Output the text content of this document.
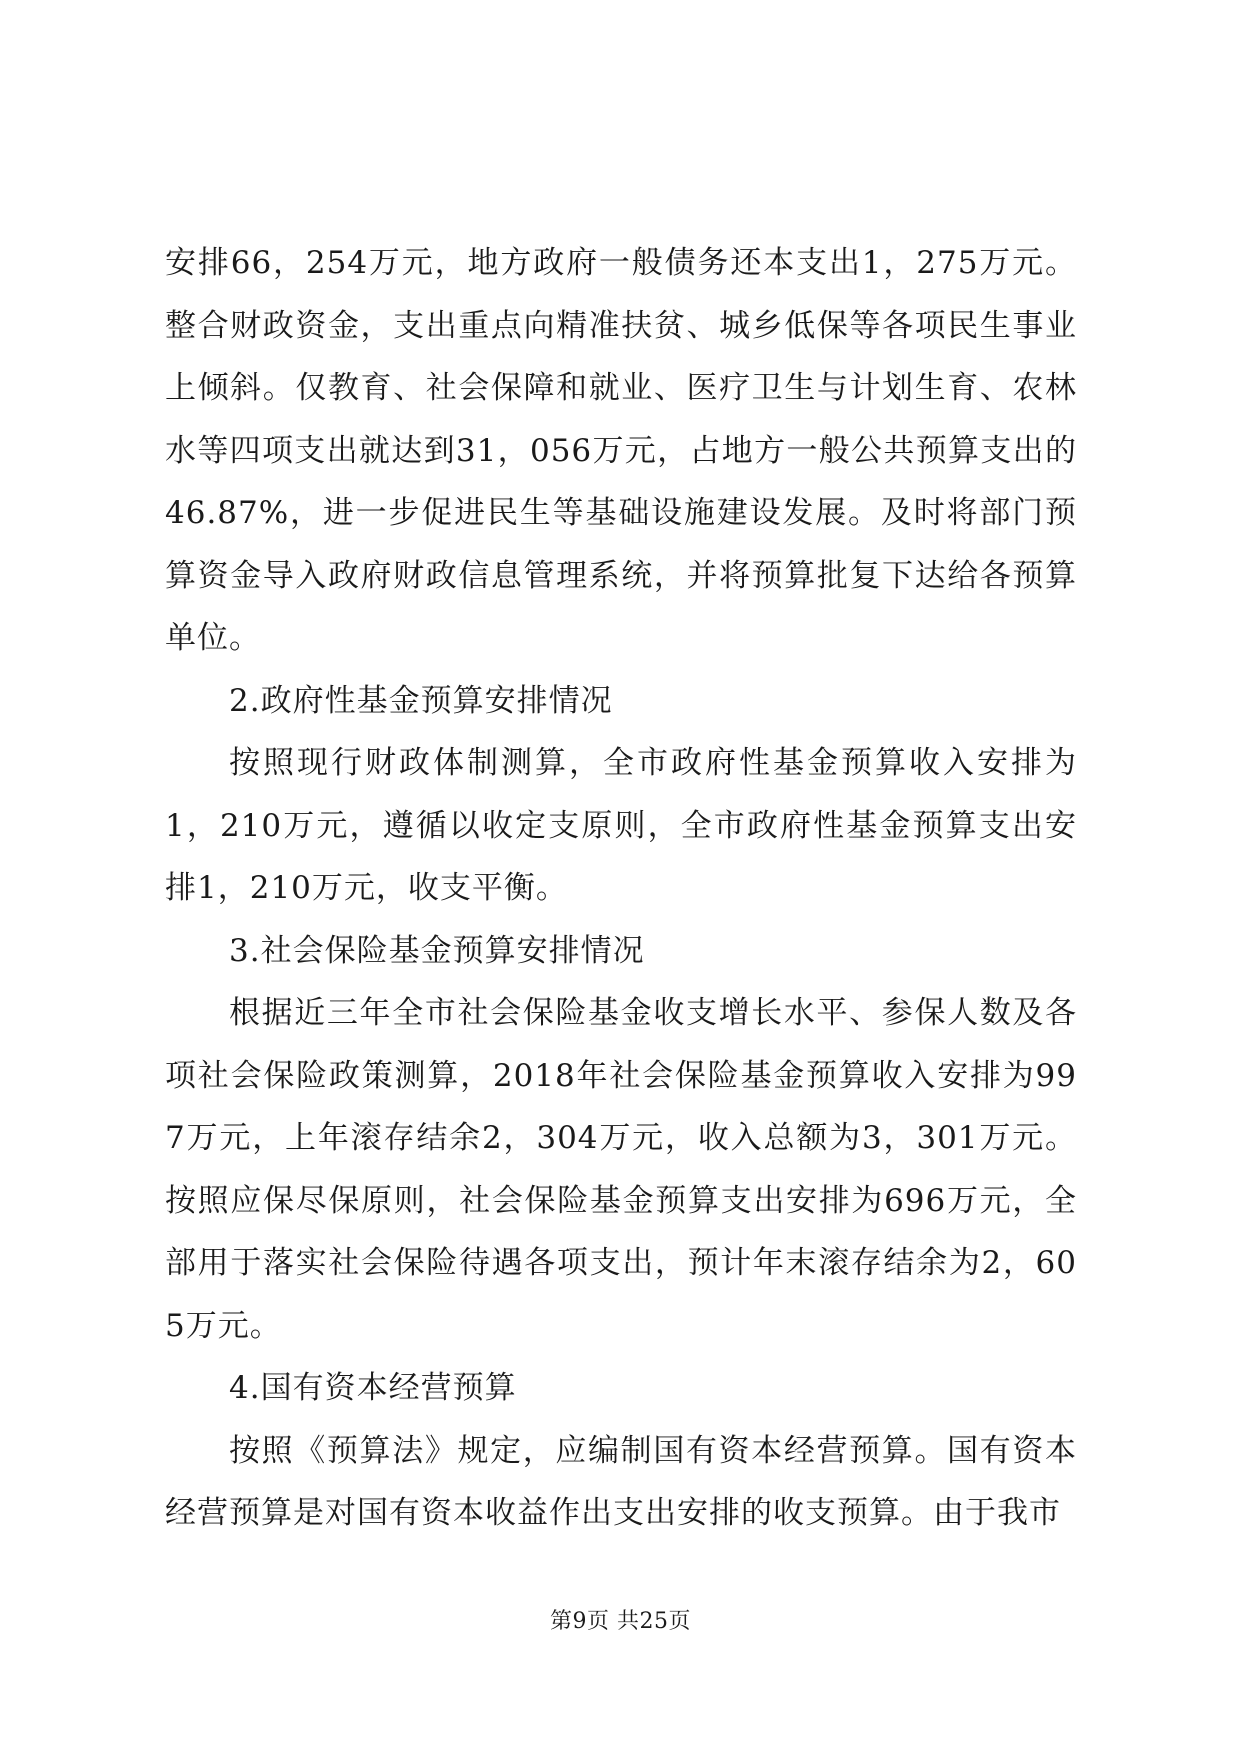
安排66，254万元，地方政府一般债务还本支出1，275万元。整合财政资金，支出重点向精准扶贫、城乡低保等各项民生事业上倾斜。仅教育、社会保障和就业、医疗卫生与计划生育、农林水等四项支出就达到31，056万元，占地方一般公共预算支出的46.87%，进一步促进民生等基础设施建设发展。及时将部门预算资金导入政府财政信息管理系统，并将预算批复下达给各预算单位。

2.政府性基金预算安排情况

按照现行财政体制测算，全市政府性基金预算收入安排为1，210万元，遵循以收定支原则，全市政府性基金预算支出安排1，210万元，收支平衡。

3.社会保险基金预算安排情况

根据近三年全市社会保险基金收支增长水平、参保人数及各项社会保险政策测算，2018年社会保险基金预算收入安排为997万元，上年滚存结余2，304万元，收入总额为3，301万元。按照应保尽保原则，社会保险基金预算支出安排为696万元，全部用于落实社会保险待遇各项支出，预计年末滚存结余为2，605万元。

4.国有资本经营预算

按照《预算法》规定，应编制国有资本经营预算。国有资本经营预算是对国有资本收益作出支出安排的收支预算。由于我市

第9页 共25页
